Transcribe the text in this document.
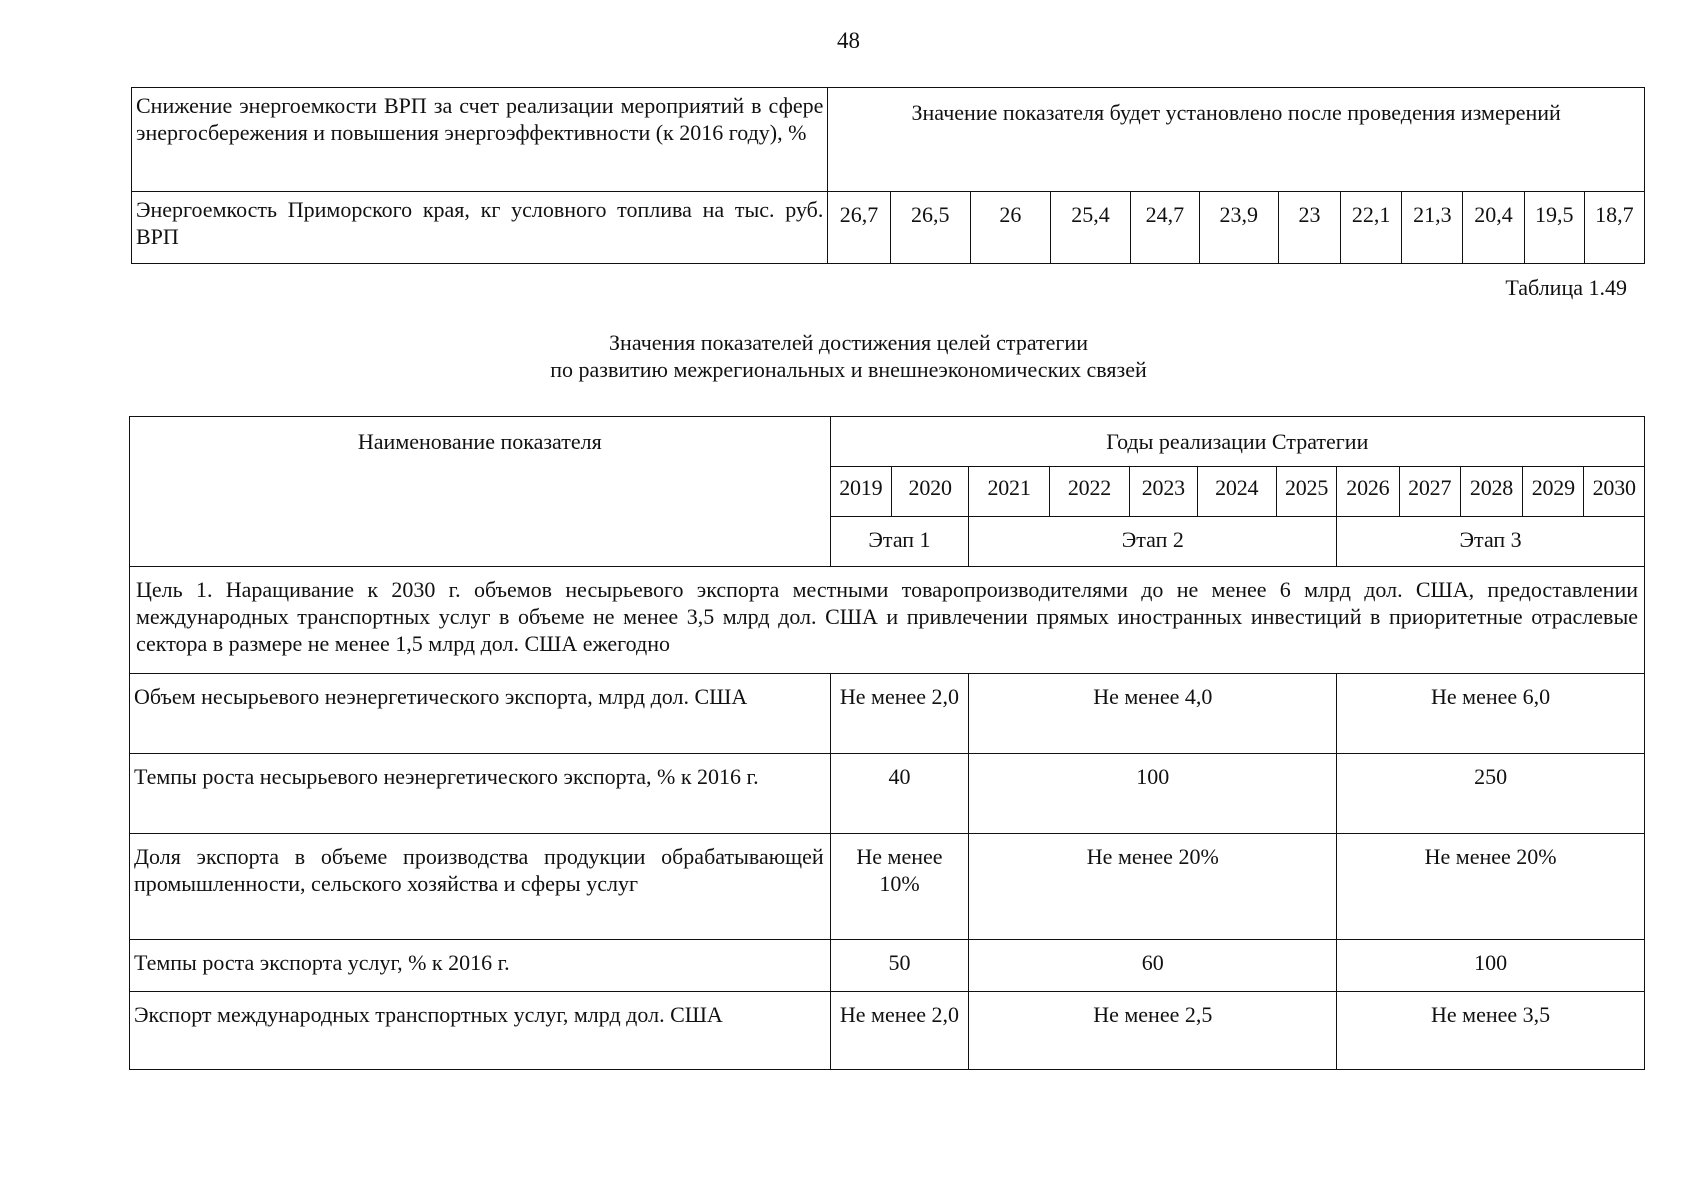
48
Снижение энергоемкости ВРП за счет реализации мероприятий в сфере энергосбережения и повышения энергоэффективности (к 2016 году), %	Значение показателя будет установлено после проведения измерений											
Энергоемкость Приморского края, кг условного топлива на тыс. руб. ВРП	26,7	26,5	26	25,4	24,7	23,9	23	22,1	21,3	20,4	19,5	18,7
Таблица 1.49
Значения показателей достижения целей стратегии
по развитию межрегиональных и внешнеэкономических связей
Наименование показателя	Годы реализации Стратегии											
	2019	2020	2021	2022	2023	2024	2025	2026	2027	2028	2029	2030
	Этап 1		Этап 2					Этап 3				
Цель 1. Наращивание к 2030 г. объемов несырьевого экспорта местными товаропроизводителями до не менее 6 млрд дол. США, предоставлении международных транспортных услуг в объеме не менее 3,5 млрд дол. США и привлечении прямых иностранных инвестиций в приоритетные отраслевые сектора в размере не менее 1,5 млрд дол. США ежегодно												
Объем несырьевого неэнергетического экспорта, млрд дол. США	Не менее 2,0		Не менее 4,0					Не менее 6,0				
Темпы роста несырьевого неэнергетического экспорта, % к 2016 г.	40		100					250				
Доля экспорта в объеме производства продукции обрабатывающей промышленности, сельского хозяйства и сферы услуг	Не менее 10%		Не менее 20%					Не менее 20%				
Темпы роста экспорта услуг, % к 2016 г.	50		60					100				
Экспорт международных транспортных услуг, млрд дол. США	Не менее 2,0		Не менее 2,5					Не менее 3,5				
